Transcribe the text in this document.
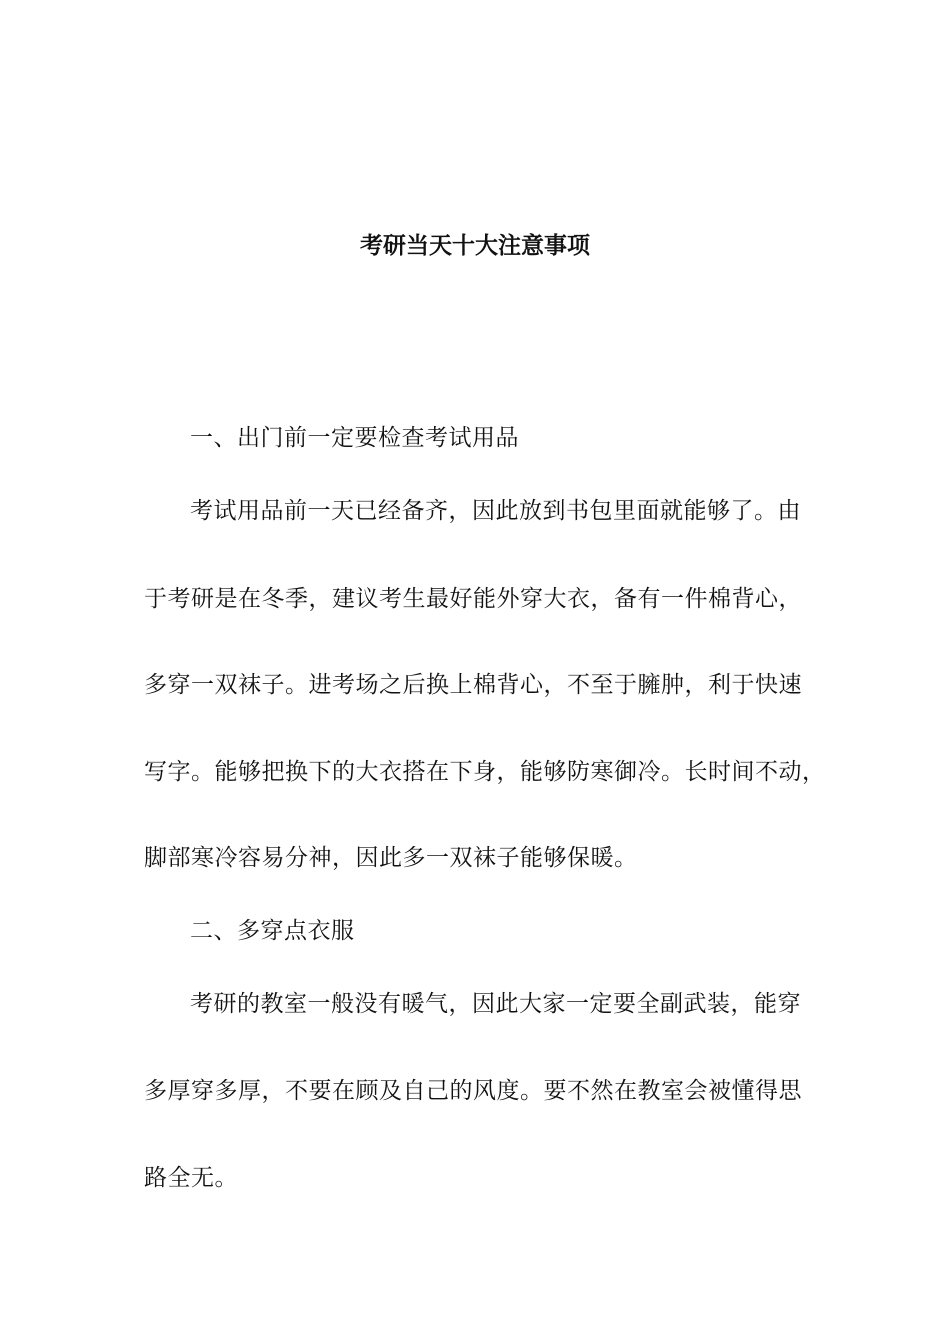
考研当天十大注意事项
一、出门前一定要检查考试用品
考试用品前一天已经备齐，因此放到书包里面就能够了。由
于考研是在冬季，建议考生最好能外穿大衣，备有一件棉背心，
多穿一双袜子。进考场之后换上棉背心，不至于臃肿，利于快速
写字。能够把换下的大衣搭在下身，能够防寒御冷。长时间不动，
脚部寒冷容易分神，因此多一双袜子能够保暖。
二、多穿点衣服
考研的教室一般没有暖气，因此大家一定要全副武装，能穿
多厚穿多厚，不要在顾及自己的风度。要不然在教室会被懂得思
路全无。
